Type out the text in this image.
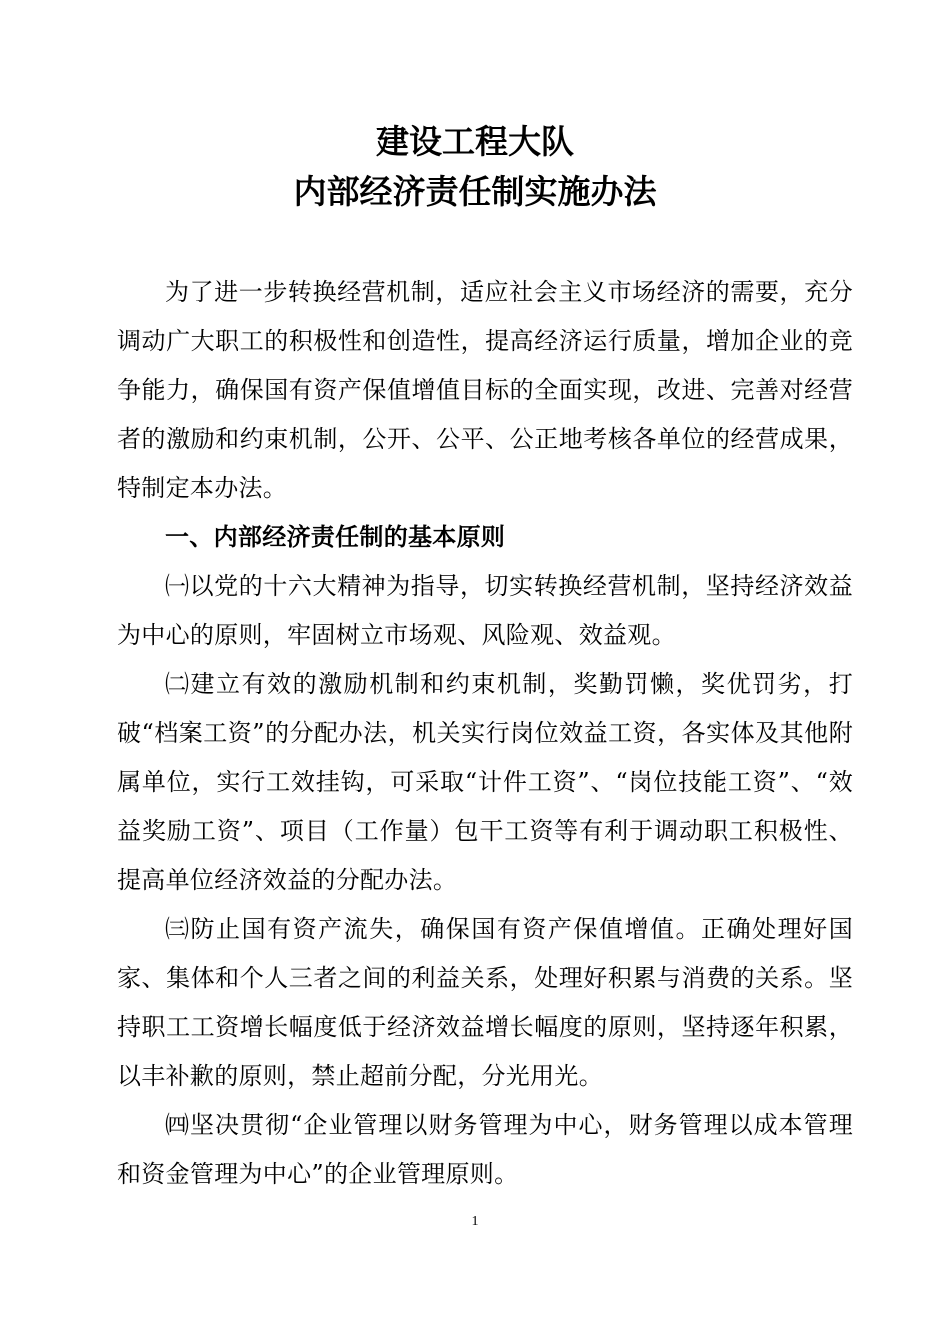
建设工程大队
内部经济责任制实施办法

为了进一步转换经营机制，适应社会主义市场经济的需要，充分调动广大职工的积极性和创造性，提高经济运行质量，增加企业的竞争能力，确保国有资产保值增值目标的全面实现，改进、完善对经营者的激励和约束机制，公开、公平、公正地考核各单位的经营成果，特制定本办法。

一、内部经济责任制的基本原则

㈠以党的十六大精神为指导，切实转换经营机制，坚持经济效益为中心的原则，牢固树立市场观、风险观、效益观。

㈡建立有效的激励机制和约束机制，奖勤罚懒，奖优罚劣，打破“档案工资”的分配办法，机关实行岗位效益工资，各实体及其他附属单位，实行工效挂钩，可采取“计件工资”、“岗位技能工资”、“效益奖励工资”、项目（工作量）包干工资等有利于调动职工积极性、提高单位经济效益的分配办法。

㈢防止国有资产流失，确保国有资产保值增值。正确处理好国家、集体和个人三者之间的利益关系，处理好积累与消费的关系。坚持职工工资增长幅度低于经济效益增长幅度的原则，坚持逐年积累，以丰补歉的原则，禁止超前分配，分光用光。

㈣坚决贯彻“企业管理以财务管理为中心，财务管理以成本管理和资金管理为中心”的企业管理原则。

1
